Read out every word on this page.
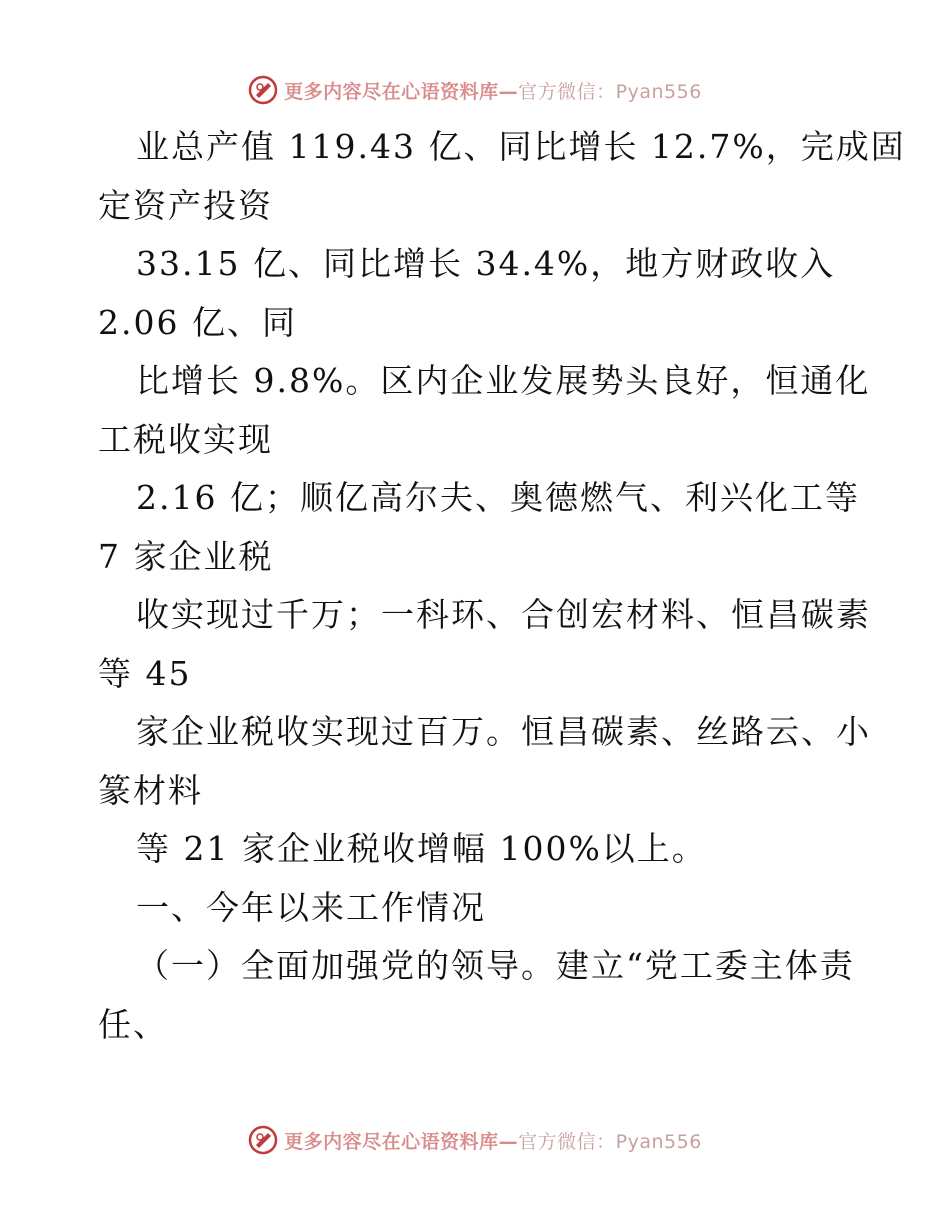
更多内容尽在心语资料库— 官方微信：Pyan556
业总产值 119.43 亿、同比增长 12.7%，完成固
定资产投资
33.15 亿、同比增长 34.4%，地方财政收入
2.06 亿、同
比增长 9.8%。区内企业发展势头良好，恒通化
工税收实现
2.16 亿；顺亿高尔夫、奥德燃气、利兴化工等
7 家企业税
收实现过千万；一科环、合创宏材料、恒昌碳素
等 45
家企业税收实现过百万。恒昌碳素、丝路云、小
篆材料
等 21 家企业税收增幅 100%以上。
一、今年以来工作情况
（一）全面加强党的领导。建立“党工委主体责
任、
更多内容尽在心语资料库— 官方微信：Pyan556
